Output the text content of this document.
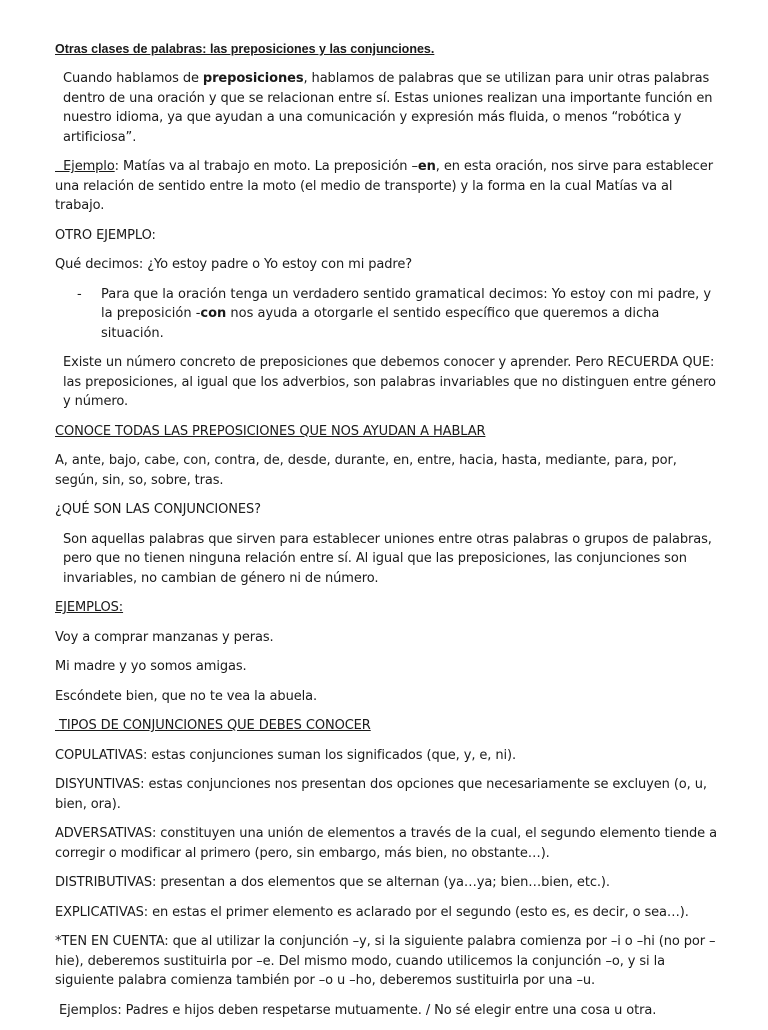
Otras clases de palabras: las preposiciones y las conjunciones.

Cuando hablamos de preposiciones, hablamos de palabras que se utilizan para unir otras palabras dentro de una oración y que se relacionan entre sí. Estas uniones realizan una importante función en nuestro idioma, ya que ayudan a una comunicación y expresión más fluida, o menos “robótica y artificiosa”.

Ejemplo: Matías va al trabajo en moto. La preposición –en, en esta oración, nos sirve para establecer una relación de sentido entre la moto (el medio de transporte) y la forma en la cual Matías va al trabajo.

OTRO EJEMPLO:

Qué decimos: ¿Yo estoy padre o Yo estoy con mi padre?

-	Para que la oración tenga un verdadero sentido gramatical decimos: Yo estoy con mi padre, y la preposición -con nos ayuda a otorgarle el sentido específico que queremos a dicha situación.

Existe un número concreto de preposiciones que debemos conocer y aprender. Pero RECUERDA QUE: las preposiciones, al igual que los adverbios, son palabras invariables que no distinguen entre género y número.

CONOCE TODAS LAS PREPOSICIONES QUE NOS AYUDAN A HABLAR

A, ante, bajo, cabe, con, contra, de, desde, durante, en, entre, hacia, hasta, mediante, para, por, según, sin, so, sobre, tras.

¿QUÉ SON LAS CONJUNCIONES?

Son aquellas palabras que sirven para establecer uniones entre otras palabras o grupos de palabras, pero que no tienen ninguna relación entre sí. Al igual que las preposiciones, las conjunciones son invariables, no cambian de género ni de número.

EJEMPLOS:

Voy a comprar manzanas y peras.

Mi madre y yo somos amigas.

Escóndete bien, que no te vea la abuela.

TIPOS DE CONJUNCIONES QUE DEBES CONOCER

COPULATIVAS: estas conjunciones suman los significados (que, y, e, ni).

DISYUNTIVAS: estas conjunciones nos presentan dos opciones que necesariamente se excluyen (o, u, bien, ora).

ADVERSATIVAS: constituyen una unión de elementos a través de la cual, el segundo elemento tiende a corregir o modificar al primero (pero, sin embargo, más bien, no obstante…).

DISTRIBUTIVAS: presentan a dos elementos que se alternan (ya…ya; bien…bien, etc.).

EXPLICATIVAS: en estas el primer elemento es aclarado por el segundo (esto es, es decir, o sea…).

*TEN EN CUENTA: que al utilizar la conjunción –y, si la siguiente palabra comienza por –i o –hi (no por –hie), deberemos sustituirla por –e. Del mismo modo, cuando utilicemos la conjunción –o, y si la siguiente palabra comienza también por –o u –ho, deberemos sustituirla por una –u.

Ejemplos: Padres e hijos deben respetarse mutuamente. / No sé elegir entre una cosa u otra.
